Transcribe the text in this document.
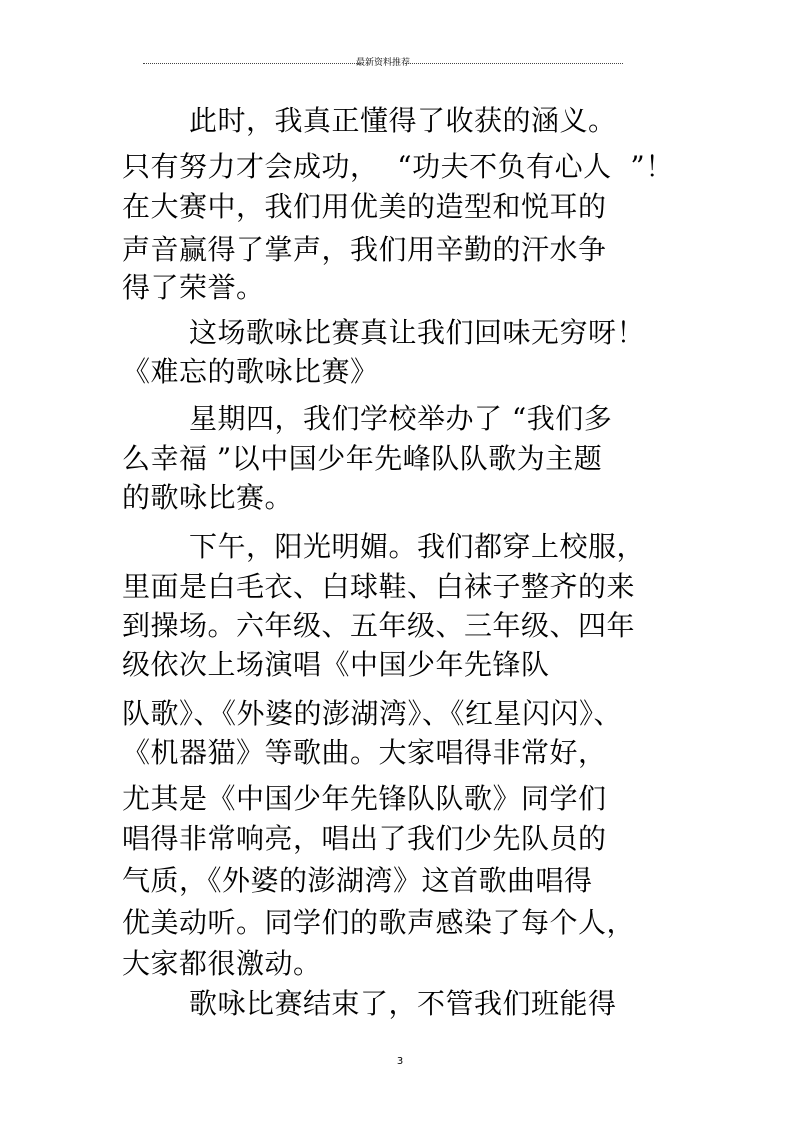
最新资料推荐
此时，我真正懂得了收获的涵义。
只有努力才会成功，  “功夫不负有心人  ”！
在大赛中，我们用优美的造型和悦耳的
声音赢得了掌声，我们用辛勤的汗水争
得了荣誉。
这场歌咏比赛真让我们回味无穷呀！
《难忘的歌咏比赛》
星期四，我们学校举办了 “我们多
么幸福 ”以中国少年先峰队队歌为主题
的歌咏比赛。
下午，阳光明媚。我们都穿上校服，
里面是白毛衣、白球鞋、白袜子整齐的来
到操场。六年级、五年级、三年级、四年
级依次上场演唱《中国少年先锋队
队歌》、《外婆的澎湖湾》、《红星闪闪》、
《机器猫》等歌曲。大家唱得非常好，
尤其是《中国少年先锋队队歌》同学们
唱得非常响亮，唱出了我们少先队员的
气质，《外婆的澎湖湾》这首歌曲唱得
优美动听。同学们的歌声感染了每个人，
大家都很激动。
歌咏比赛结束了，不管我们班能得
3
